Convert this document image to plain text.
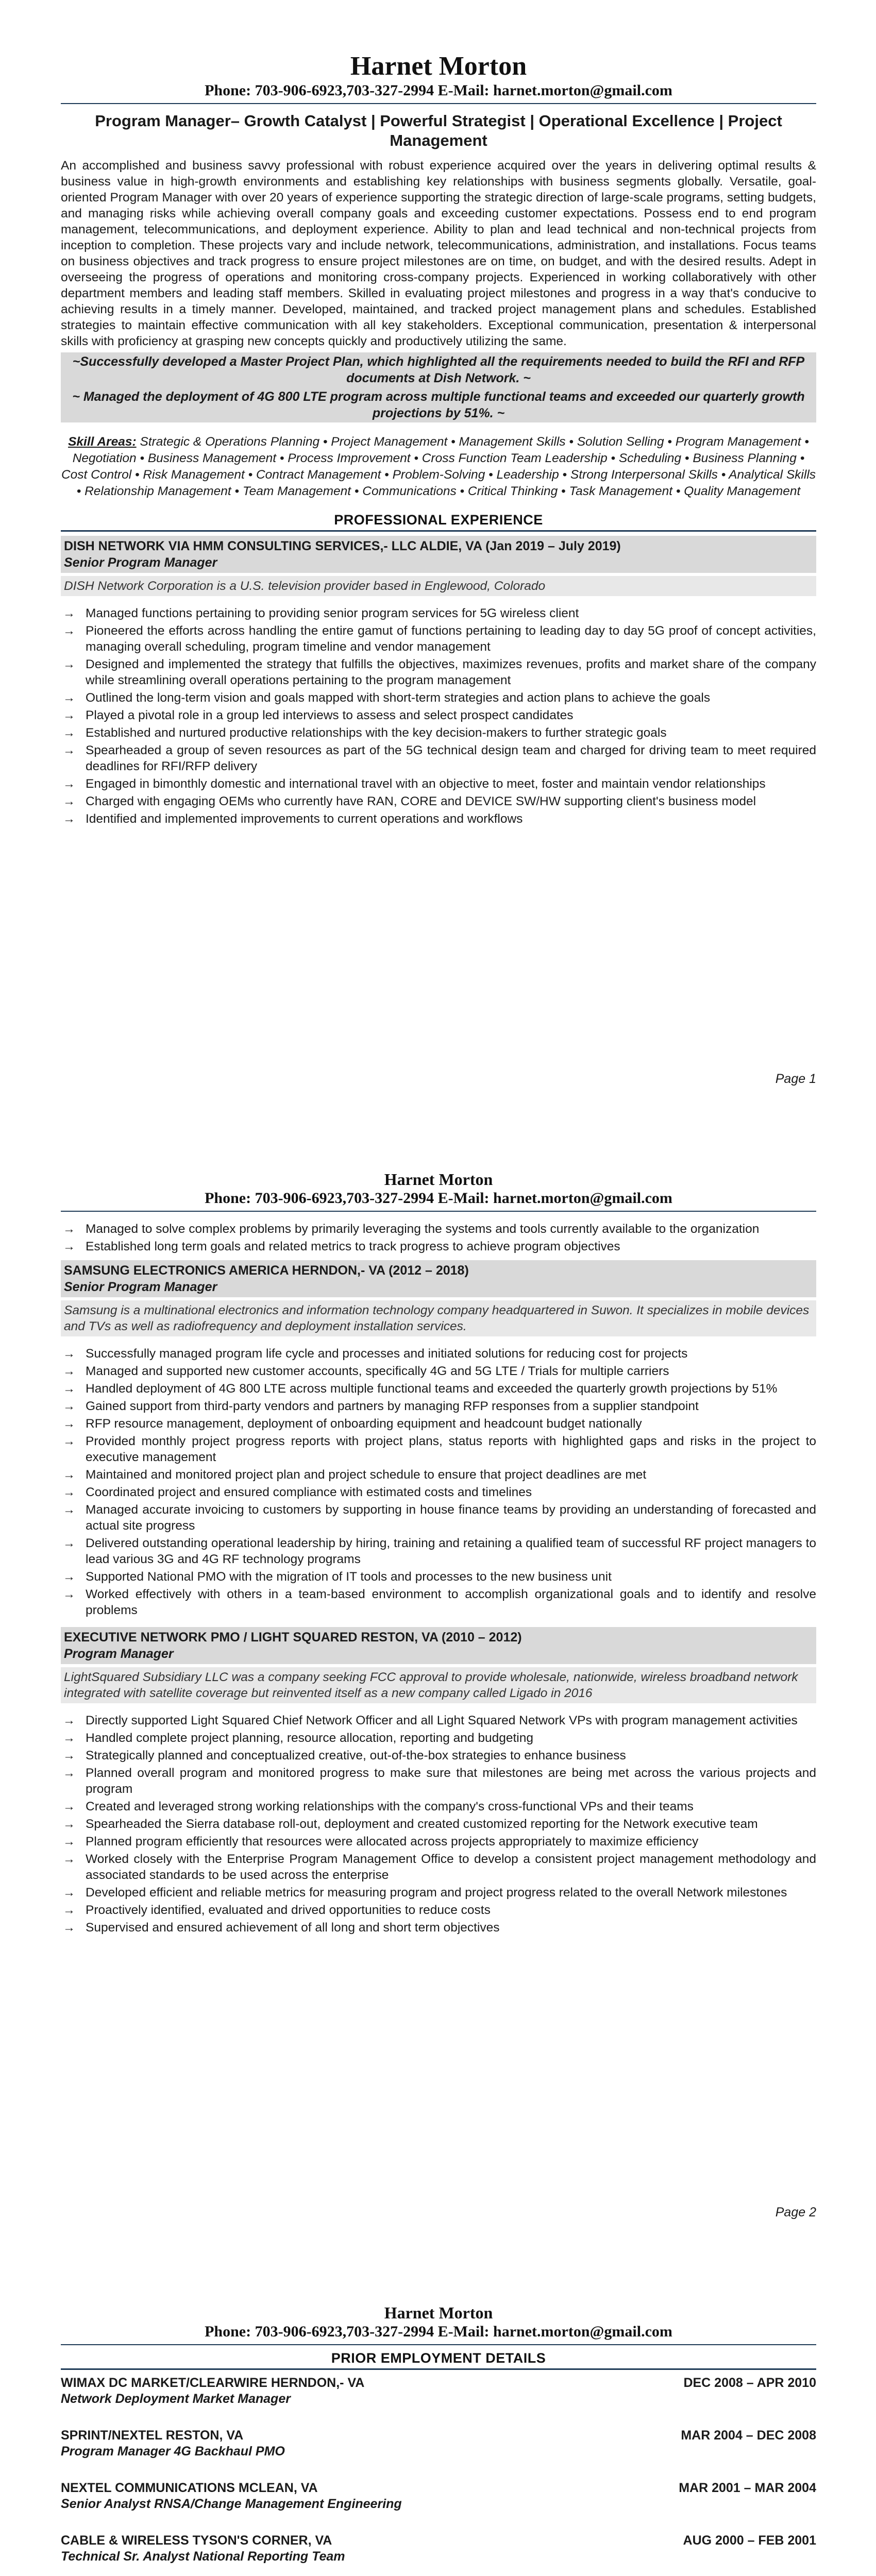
Harnet Morton
Phone: 703-906-6923,703-327-2994 E-Mail: harnet.morton@gmail.com
Program Manager– Growth Catalyst | Powerful Strategist | Operational Excellence | Project Management

An accomplished and business savvy professional with robust experience acquired over the years in delivering optimal results & business value in high-growth environments and establishing key relationships with business segments globally. Versatile, goal-oriented Program Manager with over 20 years of experience supporting the strategic direction of large-scale programs, setting budgets, and managing risks while achieving overall company goals and exceeding customer expectations. Possess end to end program management, telecommunications, and deployment experience. Ability to plan and lead technical and non-technical projects from inception to completion. These projects vary and include network, telecommunications, administration, and installations. Focus teams on business objectives and track progress to ensure project milestones are on time, on budget, and with the desired results. Adept in overseeing the progress of operations and monitoring cross-company projects. Experienced in working collaboratively with other department members and leading staff members. Skilled in evaluating project milestones and progress in a way that's conducive to achieving results in a timely manner. Developed, maintained, and tracked project management plans and schedules. Established strategies to maintain effective communication with all key stakeholders. Exceptional communication, presentation & interpersonal skills with proficiency at grasping new concepts quickly and productively utilizing the same.

~Successfully developed a Master Project Plan, which highlighted all the requirements needed to build the RFI and RFP documents at Dish Network. ~
~ Managed the deployment of 4G 800 LTE program across multiple functional teams and exceeded our quarterly growth projections by 51%. ~
Skill Areas: Strategic & Operations Planning • Project Management • Management Skills • Solution Selling • Program Management • Negotiation • Business Management • Process Improvement • Cross Function Team Leadership • Scheduling • Business Planning • Cost Control • Risk Management • Contract Management • Problem-Solving • Leadership • Strong Interpersonal Skills • Analytical Skills • Relationship Management • Team Management • Communications • Critical Thinking • Task Management • Quality Management
PROFESSIONAL EXPERIENCE
DISH NETWORK VIA HMM CONSULTING SERVICES,- LLC ALDIE, VA (Jan 2019 – July 2019)
Senior Program Manager
DISH Network Corporation is a U.S. television provider based in Englewood, Colorado
→ Managed functions pertaining to providing senior program services for 5G wireless client
→ Pioneered the efforts across handling the entire gamut of functions pertaining to leading day to day 5G proof of concept activities, managing overall scheduling, program timeline and vendor management
→ Designed and implemented the strategy that fulfills the objectives, maximizes revenues, profits and market share of the company while streamlining overall operations pertaining to the program management
→ Outlined the long-term vision and goals mapped with short-term strategies and action plans to achieve the goals
→ Played a pivotal role in a group led interviews to assess and select prospect candidates
→ Established and nurtured productive relationships with the key decision-makers to further strategic goals
→ Spearheaded a group of seven resources as part of the 5G technical design team and charged for driving team to meet required deadlines for RFI/RFP delivery
→ Engaged in bimonthly domestic and international travel with an objective to meet, foster and maintain vendor relationships
→ Charged with engaging OEMs who currently have RAN, CORE and DEVICE SW/HW supporting client's business model
→ Identified and implemented improvements to current operations and workflows
Page 1
Harnet Morton
Phone: 703-906-6923,703-327-2994 E-Mail: harnet.morton@gmail.com
→ Managed to solve complex problems by primarily leveraging the systems and tools currently available to the organization
→ Established long term goals and related metrics to track progress to achieve program objectives
SAMSUNG ELECTRONICS AMERICA HERNDON,- VA (2012 – 2018)
Senior Program Manager
Samsung is a multinational electronics and information technology company headquartered in Suwon. It specializes in mobile devices and TVs as well as radiofrequency and deployment installation services.
→ Successfully managed program life cycle and processes and initiated solutions for reducing cost for projects
→ Managed and supported new customer accounts, specifically 4G and 5G LTE / Trials for multiple carriers
→ Handled deployment of 4G 800 LTE across multiple functional teams and exceeded the quarterly growth projections by 51%
→ Gained support from third-party vendors and partners by managing RFP responses from a supplier standpoint
→ RFP resource management, deployment of onboarding equipment and headcount budget nationally
→ Provided monthly project progress reports with project plans, status reports with highlighted gaps and risks in the project to executive management
→ Maintained and monitored project plan and project schedule to ensure that project deadlines are met
→ Coordinated project and ensured compliance with estimated costs and timelines
→ Managed accurate invoicing to customers by supporting in house finance teams by providing an understanding of forecasted and actual site progress
→ Delivered outstanding operational leadership by hiring, training and retaining a qualified team of successful RF project managers to lead various 3G and 4G RF technology programs
→ Supported National PMO with the migration of IT tools and processes to the new business unit
→ Worked effectively with others in a team-based environment to accomplish organizational goals and to identify and resolve problems
EXECUTIVE NETWORK PMO / LIGHT SQUARED RESTON, VA (2010 – 2012)
Program Manager
LightSquared Subsidiary LLC was a company seeking FCC approval to provide wholesale, nationwide, wireless broadband network integrated with satellite coverage but reinvented itself as a new company called Ligado in 2016
→ Directly supported Light Squared Chief Network Officer and all Light Squared Network VPs with program management activities
→ Handled complete project planning, resource allocation, reporting and budgeting
→ Strategically planned and conceptualized creative, out-of-the-box strategies to enhance business
→ Planned overall program and monitored progress to make sure that milestones are being met across the various projects and program
→ Created and leveraged strong working relationships with the company's cross-functional VPs and their teams
→ Spearheaded the Sierra database roll-out, deployment and created customized reporting for the Network executive team
→ Planned program efficiently that resources were allocated across projects appropriately to maximize efficiency
→ Worked closely with the Enterprise Program Management Office to develop a consistent project management methodology and associated standards to be used across the enterprise
→ Developed efficient and reliable metrics for measuring program and project progress related to the overall Network milestones
→ Proactively identified, evaluated and drived opportunities to reduce costs
→ Supervised and ensured achievement of all long and short term objectives
Page 2
Harnet Morton
Phone: 703-906-6923,703-327-2994 E-Mail: harnet.morton@gmail.com
PRIOR EMPLOYMENT DETAILS
WIMAX DC MARKET/CLEARWIRE HERNDON,- VA	DEC 2008 – APR 2010
Network Deployment Market Manager
SPRINT/NEXTEL RESTON, VA	MAR 2004 – DEC 2008
Program Manager 4G Backhaul PMO
NEXTEL COMMUNICATIONS MCLEAN, VA	MAR 2001 – MAR 2004
Senior Analyst RNSA/Change Management Engineering
CABLE & WIRELESS TYSON'S CORNER, VA	AUG 2000 – FEB 2001
Technical Sr. Analyst National Reporting Team
